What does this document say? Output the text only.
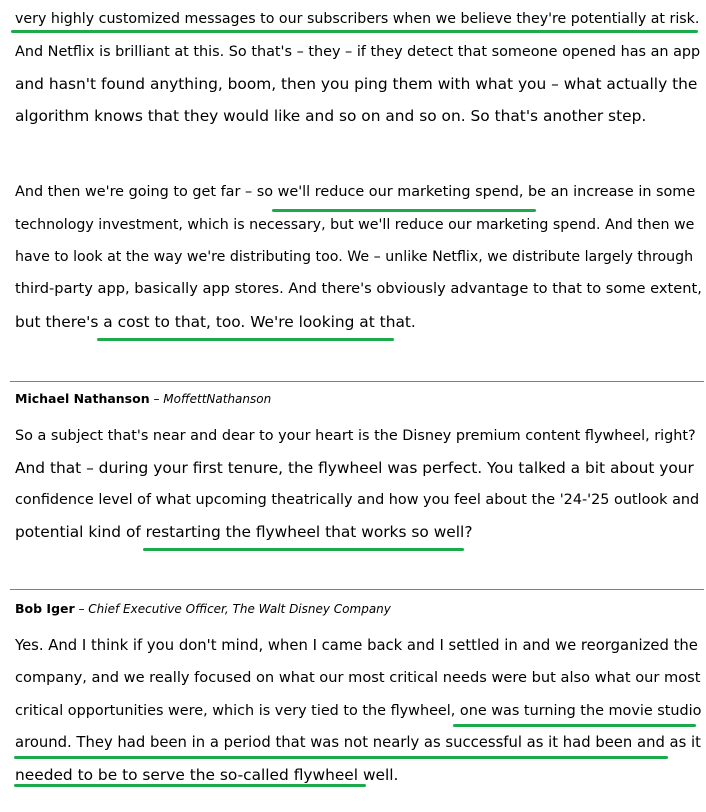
very highly customized messages to our subscribers when we believe they're potentially at risk.
And Netflix is brilliant at this. So that's – they – if they detect that someone opened has an app
and hasn't found anything, boom, then you ping them with what you – what actually the
algorithm knows that they would like and so on and so on. So that's another step.
And then we're going to get far – so we'll reduce our marketing spend, be an increase in some
technology investment, which is necessary, but we'll reduce our marketing spend. And then we
have to look at the way we're distributing too. We – unlike Netflix, we distribute largely through
third-party app, basically app stores. And there's obviously advantage to that to some extent,
but there's a cost to that, too. We're looking at that.
Michael Nathanson – MoffettNathanson
So a subject that's near and dear to your heart is the Disney premium content flywheel, right?
And that – during your first tenure, the flywheel was perfect. You talked a bit about your
confidence level of what upcoming theatrically and how you feel about the '24-'25 outlook and
potential kind of restarting the flywheel that works so well?
Bob Iger – Chief Executive Officer, The Walt Disney Company
Yes. And I think if you don't mind, when I came back and I settled in and we reorganized the
company, and we really focused on what our most critical needs were but also what our most
critical opportunities were, which is very tied to the flywheel, one was turning the movie studio
around. They had been in a period that was not nearly as successful as it had been and as it
needed to be to serve the so-called flywheel well.
